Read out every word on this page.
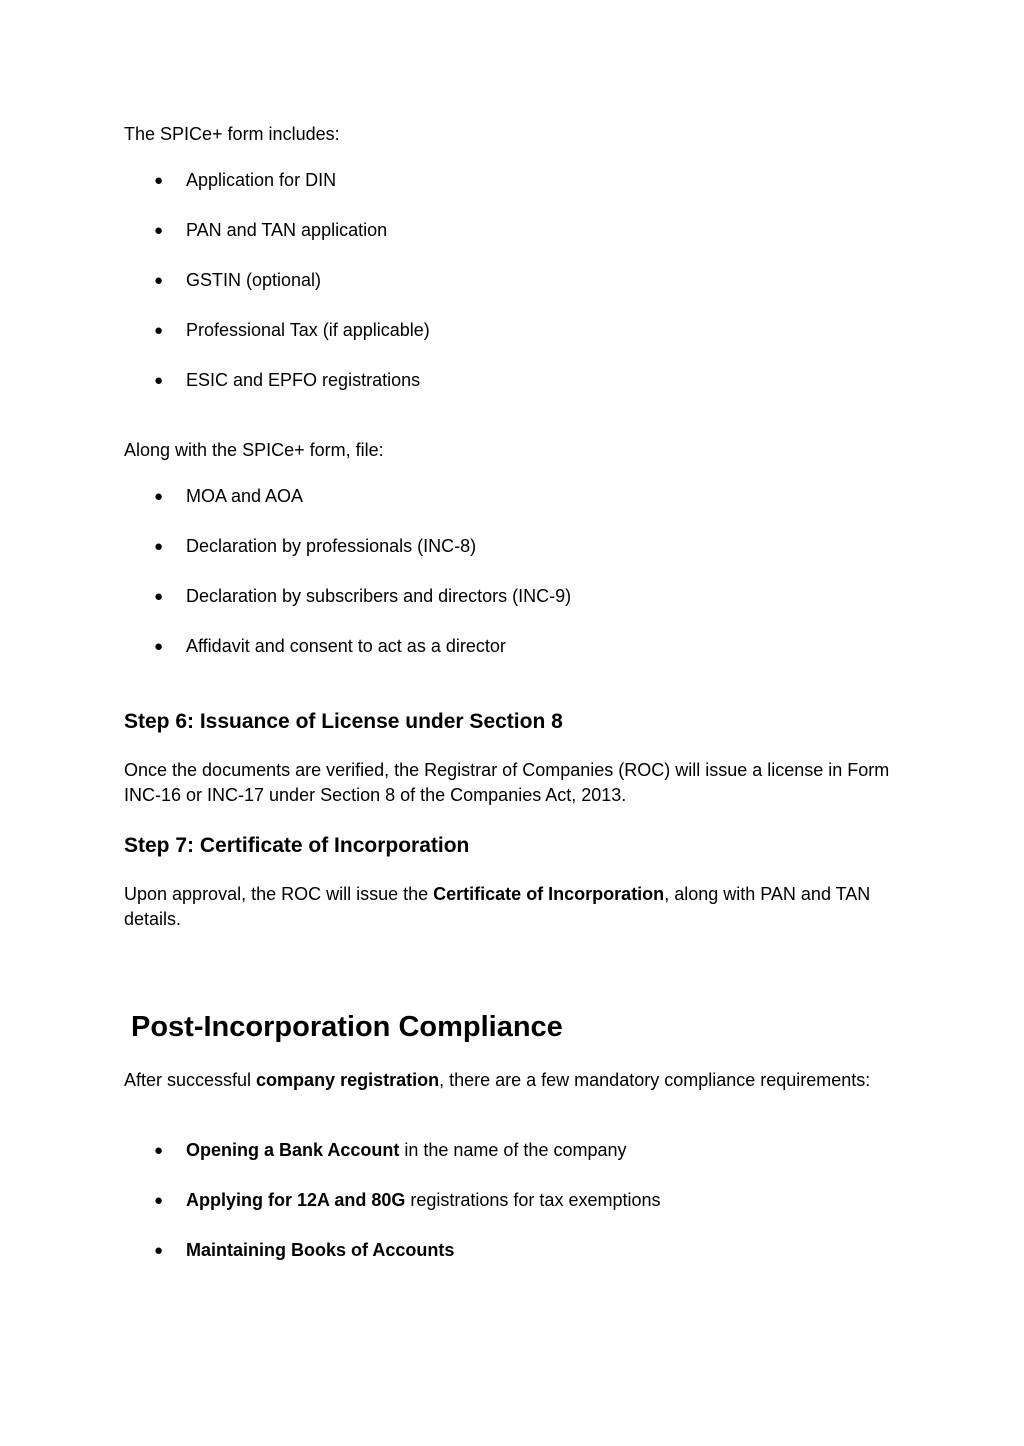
The SPICe+ form includes:

● Application for DIN
● PAN and TAN application
● GSTIN (optional)
● Professional Tax (if applicable)
● ESIC and EPFO registrations

Along with the SPICe+ form, file:

● MOA and AOA
● Declaration by professionals (INC-8)
● Declaration by subscribers and directors (INC-9)
● Affidavit and consent to act as a director
Step 6: Issuance of License under Section 8

Once the documents are verified, the Registrar of Companies (ROC) will issue a license in Form INC-16 or INC-17 under Section 8 of the Companies Act, 2013.

Step 7: Certificate of Incorporation

Upon approval, the ROC will issue the Certificate of Incorporation, along with PAN and TAN details.

Post-Incorporation Compliance

After successful company registration, there are a few mandatory compliance requirements:

● Opening a Bank Account in the name of the company
● Applying for 12A and 80G registrations for tax exemptions
● Maintaining Books of Accounts
